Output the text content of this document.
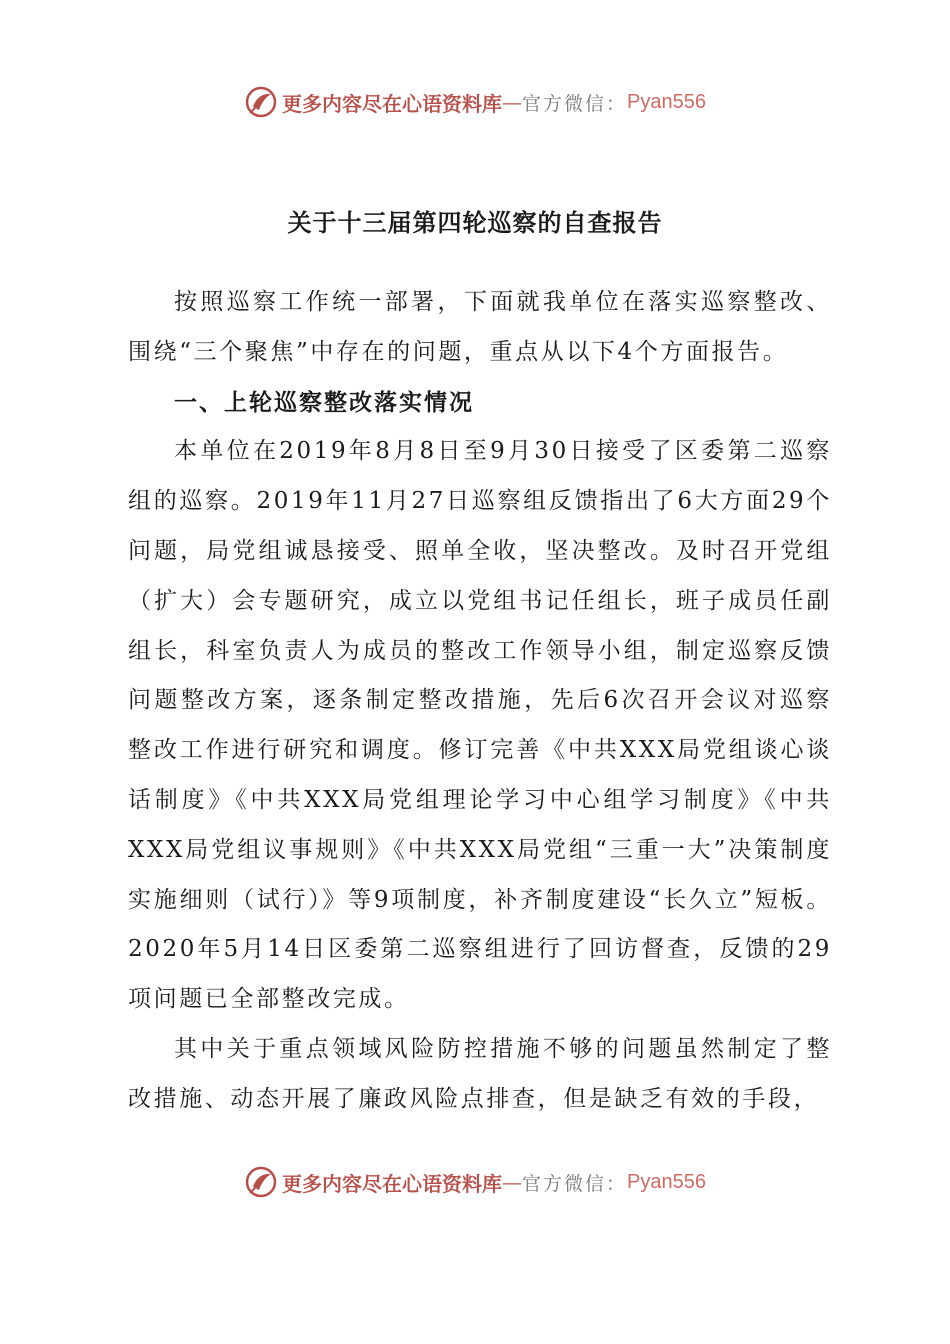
更多内容尽在心语资料库 — 官方微信： Pyan556
关于十三届第四轮巡察的自查报告

按照巡察工作统一部署，下面就我单位在落实巡察整改、围绕“三个聚焦”中存在的问题，重点从以下4个方面报告。

一、上轮巡察整改落实情况

本单位在2019年8月8日至9月30日接受了区委第二巡察组的巡察。2019年11月27日巡察组反馈指出了6大方面29个问题，局党组诚恳接受、照单全收，坚决整改。及时召开党组（扩大）会专题研究，成立以党组书记任组长，班子成员任副组长，科室负责人为成员的整改工作领导小组，制定巡察反馈问题整改方案，逐条制定整改措施，先后6次召开会议对巡察整改工作进行研究和调度。修订完善《中共XXX局党组谈心谈话制度》《中共XXX局党组理论学习中心组学习制度》《中共XXX局党组议事规则》《中共XXX局党组“三重一大”决策制度实施细则（试行）》等9项制度，补齐制度建设“长久立”短板。2020年5月14日区委第二巡察组进行了回访督查，反馈的29项问题已全部整改完成。

其中关于重点领域风险防控措施不够的问题虽然制定了整改措施、动态开展了廉政风险点排查，但是缺乏有效的手段，

更多内容尽在心语资料库 — 官方微信： Pyan556
